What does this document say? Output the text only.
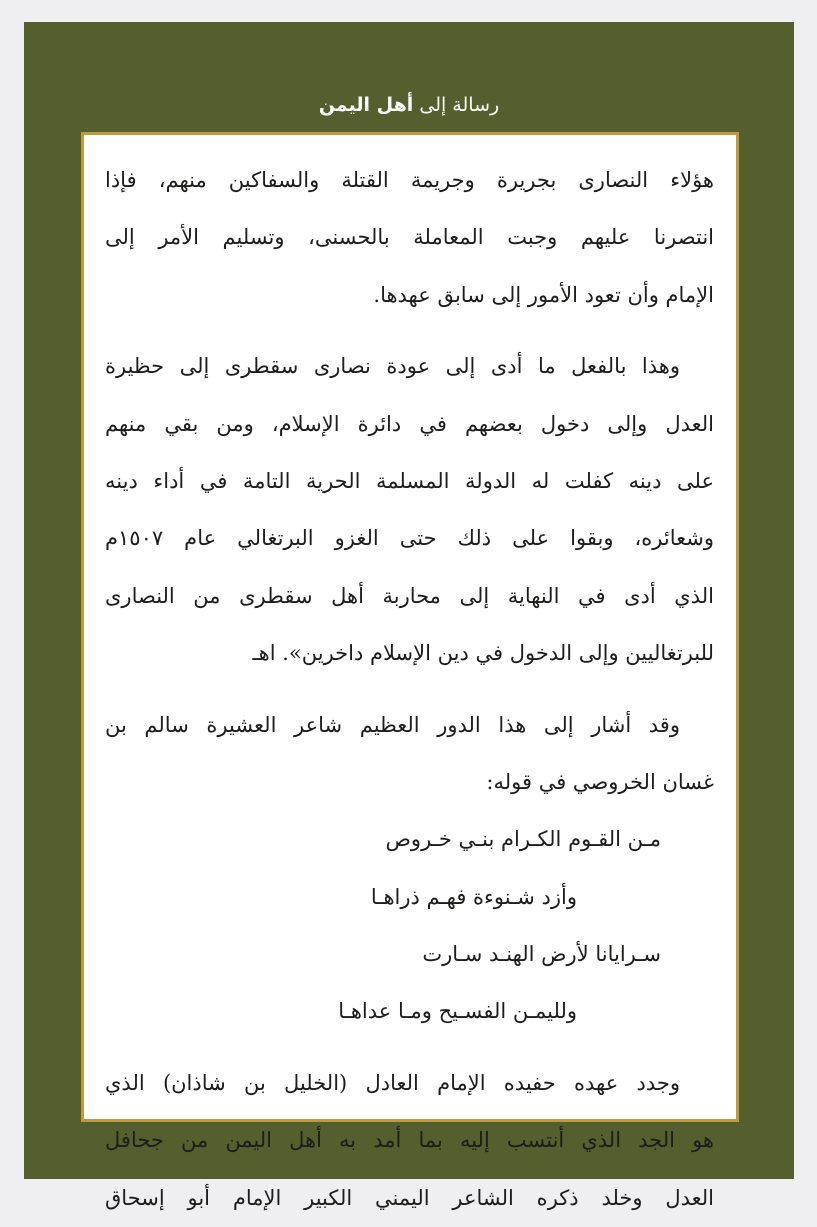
رسالة إلى أهل اليمن
هؤلاء النصارى بجريرة وجريمة القتلة والسفاكين منهم، فإذا
انتصرنا عليهم وجبت المعاملة بالحسنى، وتسليم الأمر إلى
الإمام وأن تعود الأمور إلى سابق عهدها.
وهذا بالفعل ما أدى إلى عودة نصارى سقطرى إلى حظيرة
العدل وإلى دخول بعضهم في دائرة الإسلام، ومن بقي منهم
على دينه كفلت له الدولة المسلمة الحرية التامة في أداء دينه
وشعائره، وبقوا على ذلك حتى الغزو البرتغالي عام ١٥٠٧م
الذي أدى في النهاية إلى محاربة أهل سقطرى من النصارى
للبرتغاليين وإلى الدخول في دين الإسلام داخرين». اهـ
وقد أشار إلى هذا الدور العظيم شاعر العشيرة سالم بن
غسان الخروصي في قوله:
مـن القـوم الكـرام بنـي خـروص
وأزد شـنوءة فهـم ذراهـا
سـرايانا لأرض الهنـد سـارت
ولليمـن الفسـيح ومـا عداهـا
وجدد عهده حفيده الإمام العادل (الخليل بن شاذان) الذي
هو الجد الذي أنتسب إليه بما أمد به أهل اليمن من جحافل
العدل وخلد ذكره الشاعر اليمني الكبير الإمام أبو إسحاق
